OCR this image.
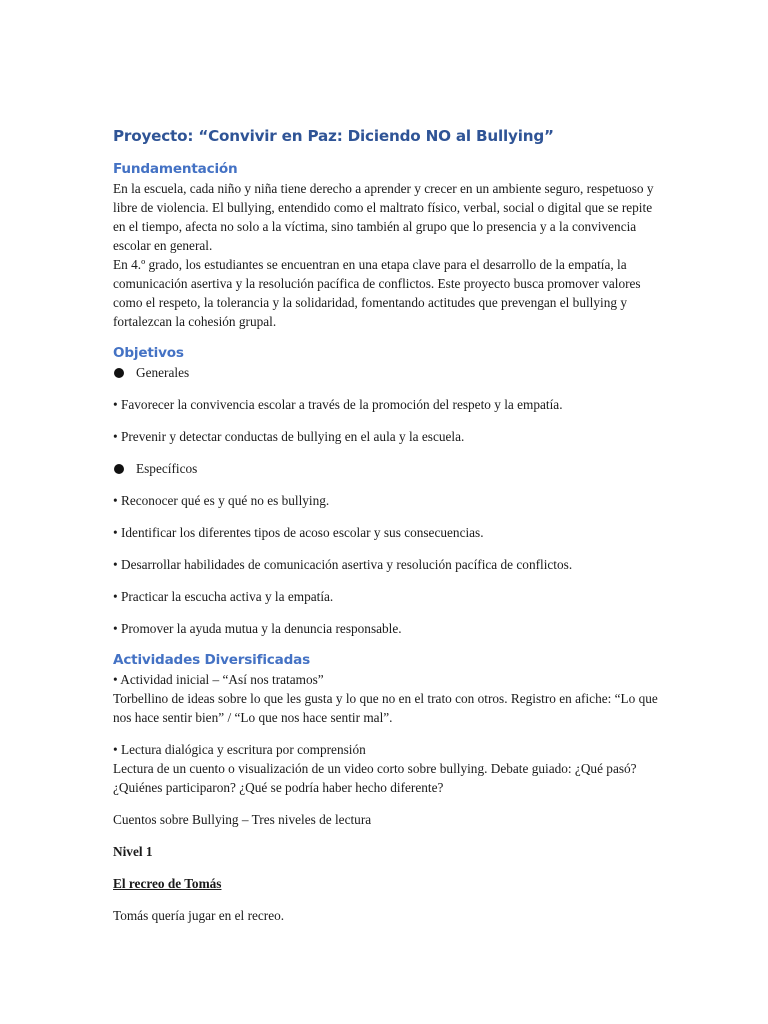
Proyecto: “Convivir en Paz: Diciendo NO al Bullying”
Fundamentación

En la escuela, cada niño y niña tiene derecho a aprender y crecer en un ambiente seguro, respetuoso y libre de violencia. El bullying, entendido como el maltrato físico, verbal, social o digital que se repite en el tiempo, afecta no solo a la víctima, sino también al grupo que lo presencia y a la convivencia escolar en general.

En 4.º grado, los estudiantes se encuentran en una etapa clave para el desarrollo de la empatía, la comunicación asertiva y la resolución pacífica de conflictos. Este proyecto busca promover valores como el respeto, la tolerancia y la solidaridad, fomentando actitudes que prevengan el bullying y fortalezcan la cohesión grupal.

Objetivos

Generales

• Favorecer la convivencia escolar a través de la promoción del respeto y la empatía.

• Prevenir y detectar conductas de bullying en el aula y la escuela.

Específicos

• Reconocer qué es y qué no es bullying.

• Identificar los diferentes tipos de acoso escolar y sus consecuencias.

• Desarrollar habilidades de comunicación asertiva y resolución pacífica de conflictos.

• Practicar la escucha activa y la empatía.

• Promover la ayuda mutua y la denuncia responsable.

Actividades Diversificadas

• Actividad inicial – “Así nos tratamos”

Torbellino de ideas sobre lo que les gusta y lo que no en el trato con otros. Registro en afiche: “Lo que nos hace sentir bien” / “Lo que nos hace sentir mal”.

• Lectura dialógica y escritura por comprensión

Lectura de un cuento o visualización de un video corto sobre bullying. Debate guiado: ¿Qué pasó? ¿Quiénes participaron? ¿Qué se podría haber hecho diferente?

Cuentos sobre Bullying – Tres niveles de lectura

Nivel 1

El recreo de Tomás

Tomás quería jugar en el recreo.
